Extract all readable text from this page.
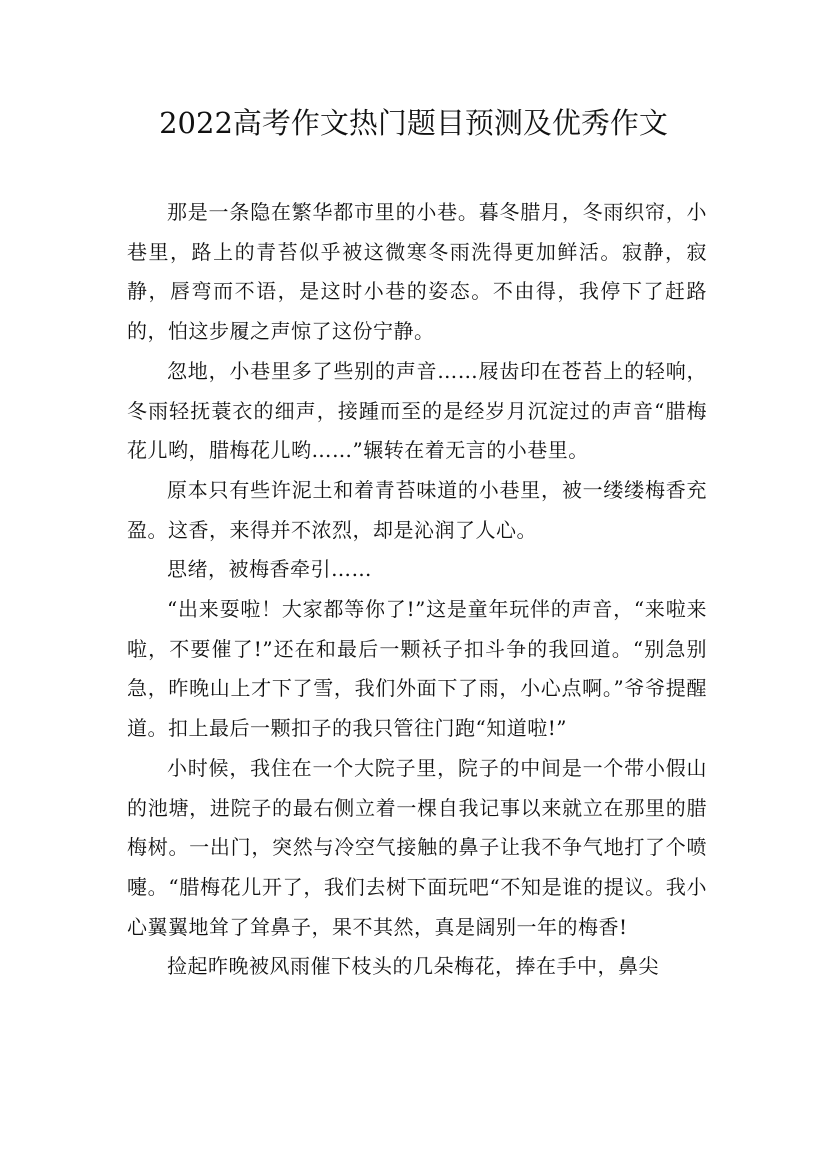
2022高考作文热门题目预测及优秀作文

那是一条隐在繁华都市里的小巷。暮冬腊月，冬雨织帘，小巷里，路上的青苔似乎被这微寒冬雨洗得更加鲜活。寂静，寂静，唇弯而不语，是这时小巷的姿态。不由得，我停下了赶路的，怕这步履之声惊了这份宁静。

忽地，小巷里多了些别的声音……屐齿印在苍苔上的轻响，冬雨轻抚蓑衣的细声，接踵而至的是经岁月沉淀过的声音“腊梅花儿哟，腊梅花儿哟……”辗转在着无言的小巷里。

原本只有些许泥土和着青苔味道的小巷里，被一缕缕梅香充盈。这香，来得并不浓烈，却是沁润了人心。

思绪，被梅香牵引……

“出来耍啦！大家都等你了!”这是童年玩伴的声音，“来啦来啦，不要催了!”还在和最后一颗袄子扣斗争的我回道。“别急别急，昨晚山上才下了雪，我们外面下了雨，小心点啊。”爷爷提醒道。扣上最后一颗扣子的我只管往门跑“知道啦!”

小时候，我住在一个大院子里，院子的中间是一个带小假山的池塘，进院子的最右侧立着一棵自我记事以来就立在那里的腊梅树。一出门，突然与冷空气接触的鼻子让我不争气地打了个喷嚏。“腊梅花儿开了，我们去树下面玩吧“不知是谁的提议。我小心翼翼地耸了耸鼻子，果不其然，真是阔别一年的梅香!

捡起昨晚被风雨催下枝头的几朵梅花，捧在手中，鼻尖
